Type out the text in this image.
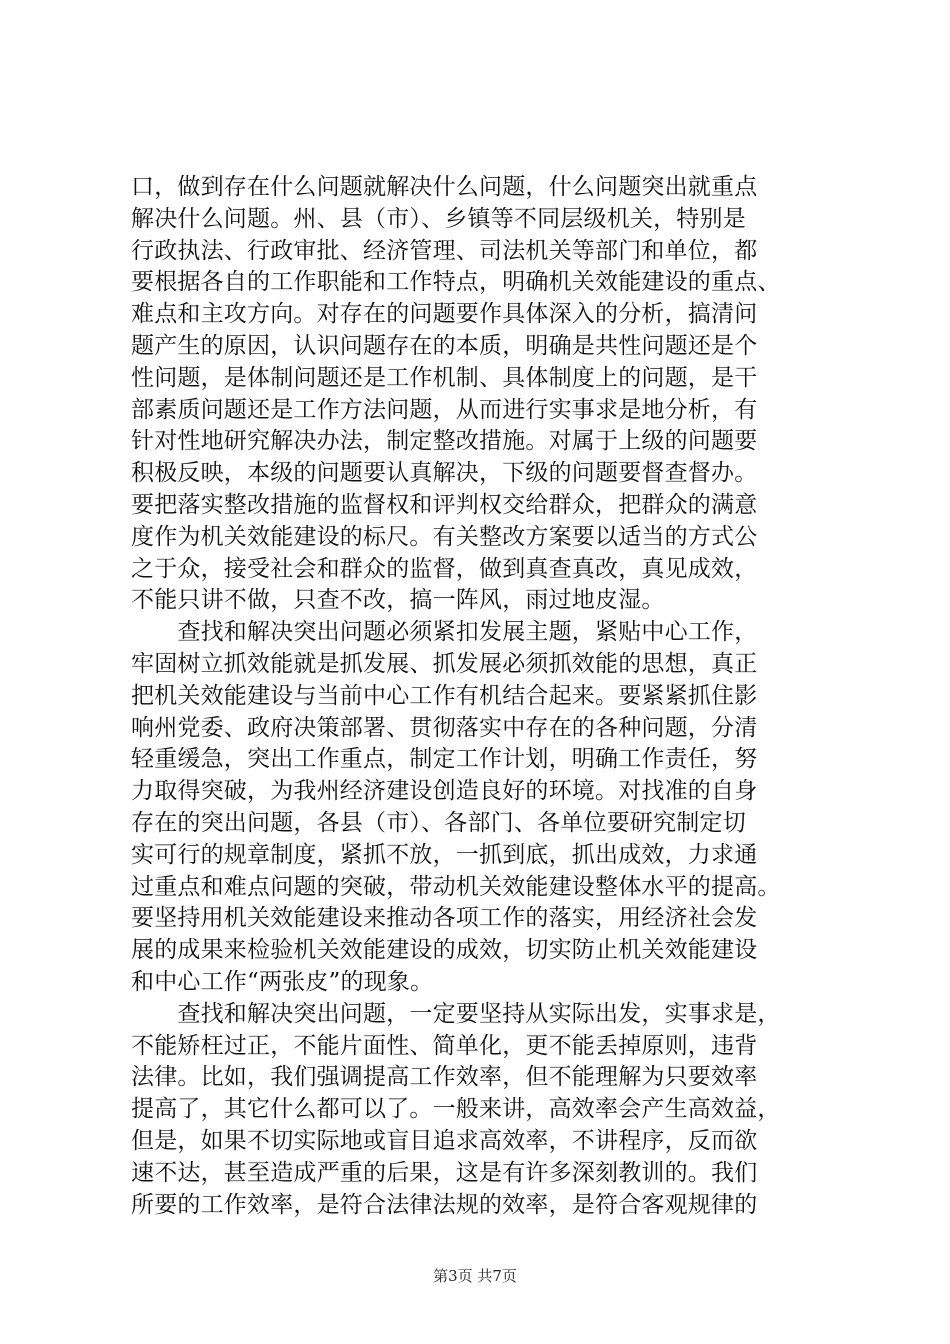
口，做到存在什么问题就解决什么问题，什么问题突出就重点
解决什么问题。州、县（市）、乡镇等不同层级机关，特别是
行政执法、行政审批、经济管理、司法机关等部门和单位，都
要根据各自的工作职能和工作特点，明确机关效能建设的重点、
难点和主攻方向。对存在的问题要作具体深入的分析，搞清问
题产生的原因，认识问题存在的本质，明确是共性问题还是个
性问题，是体制问题还是工作机制、具体制度上的问题，是干
部素质问题还是工作方法问题，从而进行实事求是地分析，有
针对性地研究解决办法，制定整改措施。对属于上级的问题要
积极反映，本级的问题要认真解决，下级的问题要督查督办。
要把落实整改措施的监督权和评判权交给群众，把群众的满意
度作为机关效能建设的标尺。有关整改方案要以适当的方式公
之于众，接受社会和群众的监督，做到真查真改，真见成效，
不能只讲不做，只查不改，搞一阵风，雨过地皮湿。
　　查找和解决突出问题必须紧扣发展主题，紧贴中心工作，
牢固树立抓效能就是抓发展、抓发展必须抓效能的思想，真正
把机关效能建设与当前中心工作有机结合起来。要紧紧抓住影
响州党委、政府决策部署、贯彻落实中存在的各种问题，分清
轻重缓急，突出工作重点，制定工作计划，明确工作责任，努
力取得突破，为我州经济建设创造良好的环境。对找准的自身
存在的突出问题，各县（市）、各部门、各单位要研究制定切
实可行的规章制度，紧抓不放，一抓到底，抓出成效，力求通
过重点和难点问题的突破，带动机关效能建设整体水平的提高。
要坚持用机关效能建设来推动各项工作的落实，用经济社会发
展的成果来检验机关效能建设的成效，切实防止机关效能建设
和中心工作“两张皮”的现象。
　　查找和解决突出问题，一定要坚持从实际出发，实事求是，
不能矫枉过正，不能片面性、简单化，更不能丢掉原则，违背
法律。比如，我们强调提高工作效率，但不能理解为只要效率
提高了，其它什么都可以了。一般来讲，高效率会产生高效益，
但是，如果不切实际地或盲目追求高效率，不讲程序，反而欲
速不达，甚至造成严重的后果，这是有许多深刻教训的。我们
所要的工作效率，是符合法律法规的效率，是符合客观规律的
第3页 共7页
